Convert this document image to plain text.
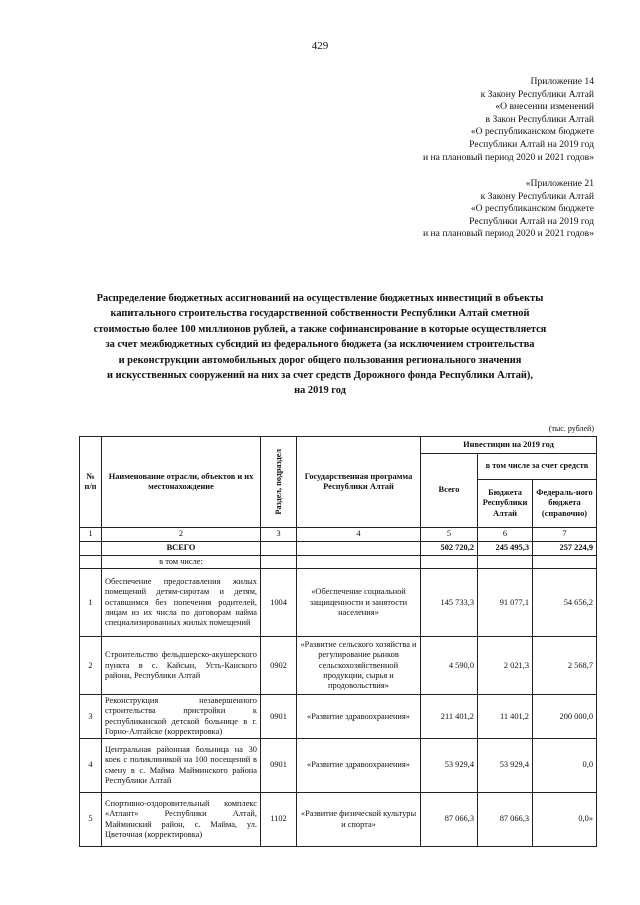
429
Приложение 14
к Закону Республики Алтай
«О внесении изменений
в Закон Республики Алтай
«О республиканском бюджете
Республики Алтай на 2019 год
и на плановый период 2020 и 2021 годов»
«Приложение 21
к Закону Республики Алтай
«О республиканском бюджете
Республики Алтай на 2019 год
и на плановый период 2020 и 2021 годов»
Распределение бюджетных ассигнований на осуществление бюджетных инвестиций в объекты
капитального строительства государственной собственности Республики Алтай сметной
стоимостью более 100 миллионов рублей, а также софинансирование в которые осуществляется
за счет межбюджетных субсидий из федерального бюджета (за исключением строительства
и реконструкции автомобильных дорог общего пользования регионального значения
и искусственных сооружений на них за счет средств Дорожного фонда Республики Алтай),
на 2019 год
(тыс. рублей)
№ п/п	Наименование отрасли, объектов и их местонахождение	Раздел, подраздел	Государственная программа Республики Алтай	Инвестиции на 2019 год		
				Всего	в том числе за счет средств	
					Бюджета Республики Алтай	Федераль-ного бюджета (справочно)
1	2	3	4	5	6	7
	ВСЕГО			502 720,2	245 495,3	257 224,9
	в том числе:					
1	Обеспечение предоставления жилых помещений детям-сиротам и детям, оставшимся без попечения родителей, лицам из их числа по договорам найма специализированных жилых помещений	1004	«Обеспечение социальной защищенности и занятости населения»	145 733,3	91 077,1	54 656,2
2	Строительство фельдшерско-акушерского пункта в с. Кайсын, Усть-Канского района, Республики Алтай	0902	«Развитие сельского хозяйства и регулирование рынков сельскохозяйственной продукции, сырья и продовольствия»	4 590,0	2 021,3	2 568,7
3	Реконструкция незавершенного строительства пристройки к республиканской детской больнице в г. Горно-Алтайске (корректировка)	0901	«Развитие здравоохранения»	211 401,2	11 401,2	200 000,0
4	Центральная районная больница на 30 коек с поликлиникой на 100 посещений в смену в с. Майма Майминского района Республики Алтай	0901	«Развитие здравоохранения»	53 929,4	53 929,4	0,0
5	Спортивно-оздоровительный комплекс «Атлант» Республики Алтай, Майминский район, с. Майма, ул. Цветочная (корректировка)	1102	«Развитие физической культуры и спорта»	87 066,3	87 066,3	0,0»
